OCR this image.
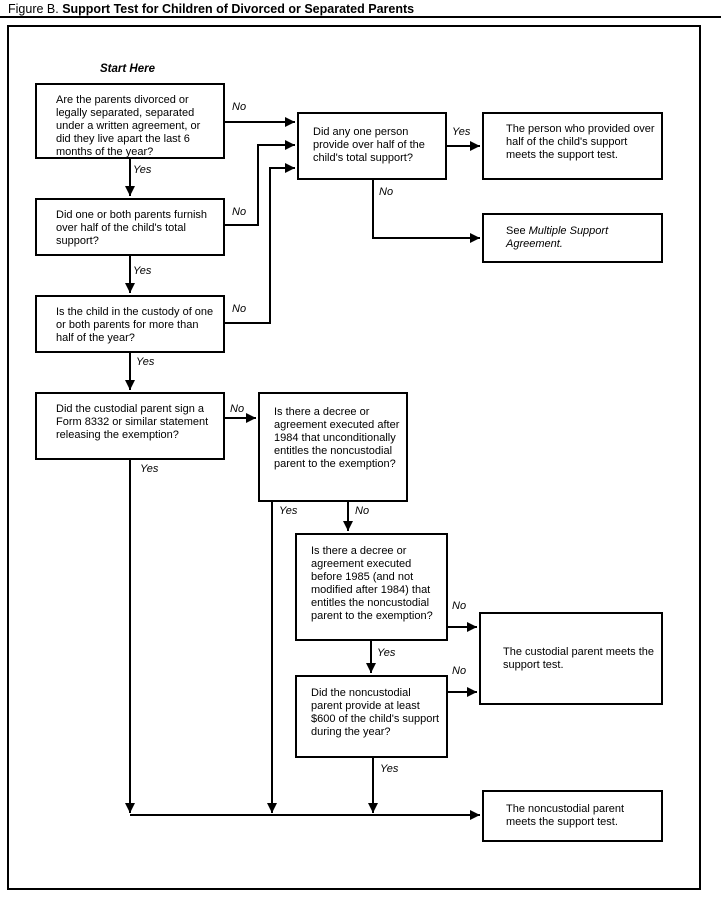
Figure B. Support Test for Children of Divorced or Separated Parents
Start Here
Are the parents divorced or legally separated, separated under a written agreement, or did they live apart the last 6 months of the year?
Did one or both parents furnish over half of the child's total support?
Is the child in the custody of one or both parents for more than half of the year?
Did the custodial parent sign a Form 8332 or similar statement releasing the exemption?
Did any one person provide over half of the child's total support?
The person who provided over half of the child's support meets the support test.
See Multiple Support Agreement.
Is there a decree or agreement executed after 1984 that unconditionally entitles the noncustodial parent to the exemption?
Is there a decree or agreement executed before 1985 (and not modified after 1984) that entitles the noncustodial parent to the exemption?
Did the noncustodial parent provide at least $600 of the child's support during the year?
The custodial parent meets the support test.
The noncustodial parent meets the support test.
Yes
Yes
Yes
Yes
No
No
No
No
Yes
No
Yes	No
Yes
No
No
Yes
